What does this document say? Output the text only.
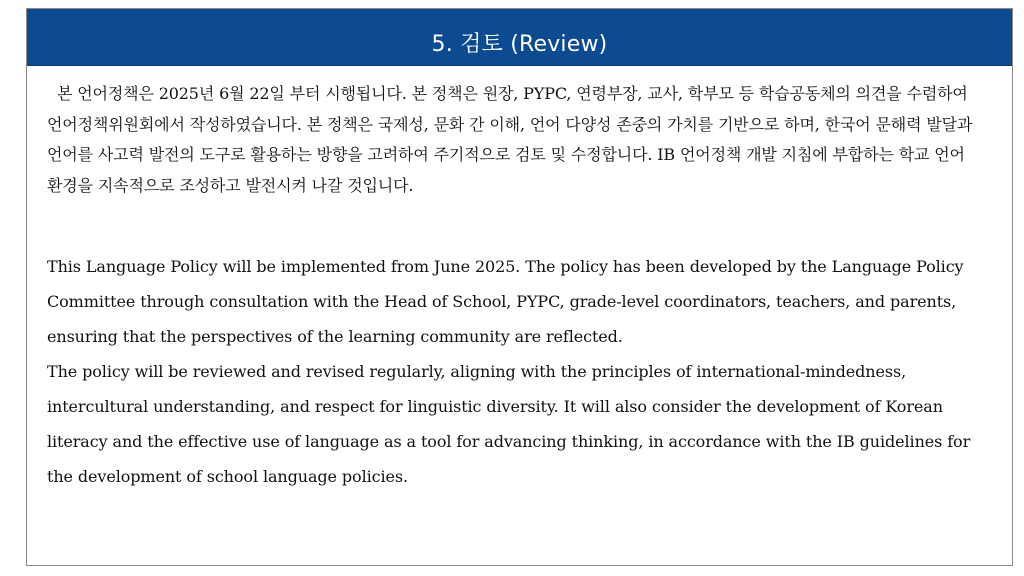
5. 검토 (Review)

본 언어정책은 2025년 6월 22일 부터 시행됩니다. 본 정책은 원장, PYPC, 연령부장, 교사, 학부모 등 학습공동체의 의견을 수렴하여 언어정책위원회에서 작성하였습니다. 본 정책은 국제성, 문화 간 이해, 언어 다양성 존중의 가치를 기반으로 하며, 한국어 문해력 발달과 언어를 사고력 발전의 도구로 활용하는 방향을 고려하여 주기적으로 검토 및 수정합니다. IB 언어정책 개발 지침에 부합하는 학교 언어 환경을 지속적으로 조성하고 발전시켜 나갈 것입니다.

This Language Policy will be implemented from June 2025. The policy has been developed by the Language Policy Committee through consultation with the Head of School, PYPC, grade-level coordinators, teachers, and parents, ensuring that the perspectives of the learning community are reflected.

The policy will be reviewed and revised regularly, aligning with the principles of international-mindedness, intercultural understanding, and respect for linguistic diversity. It will also consider the development of Korean literacy and the effective use of language as a tool for advancing thinking, in accordance with the IB guidelines for the development of school language policies.
